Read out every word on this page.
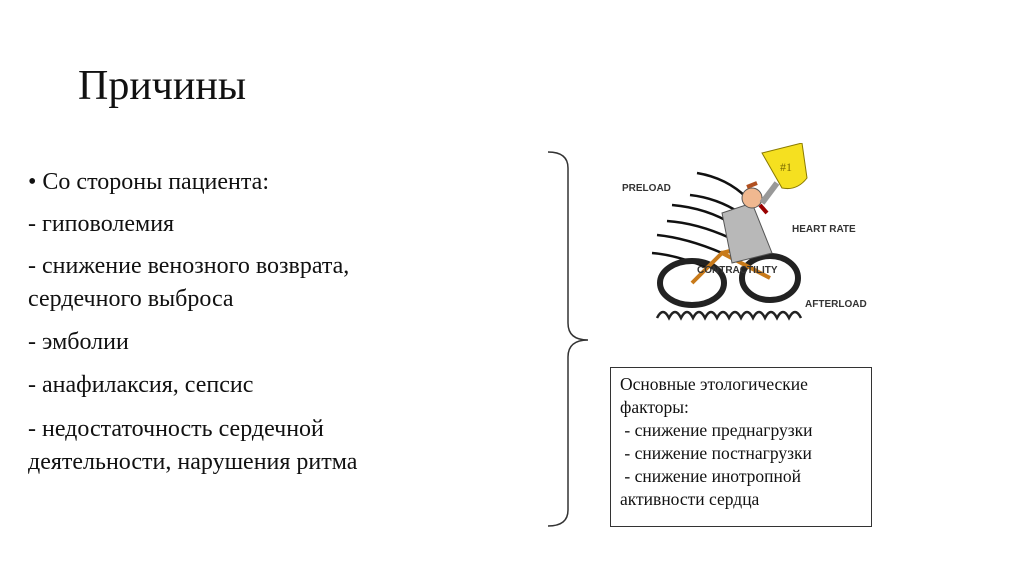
Причины
• Со стороны пациента:
- гиповолемия
- снижение венозного возврата,
сердечного выброса
- эмболии
- анафилаксия, сепсис
- недостаточность сердечной
деятельности, нарушения ритма
#1
PRELOAD
HEART RATE
CONTRACTILITY
AFTERLOAD
Основные этологические
факторы:
- снижение преднагрузки
- снижение постнагрузки
- снижение инотропной
активности сердца
